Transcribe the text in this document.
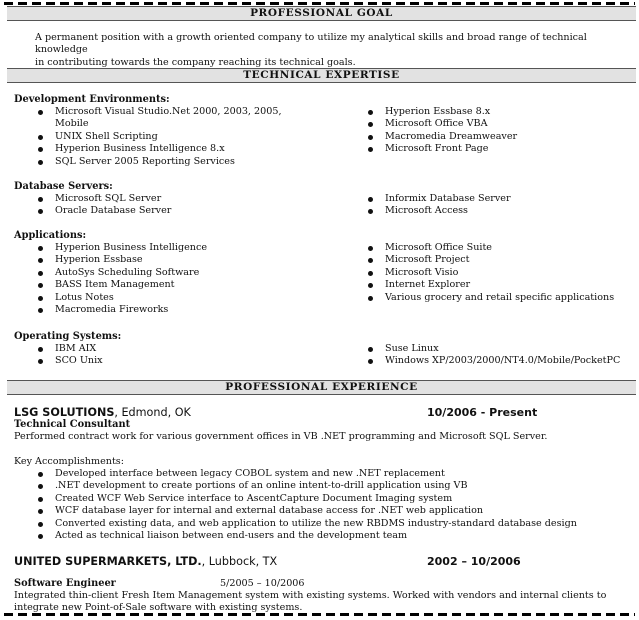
PROFESSIONAL GOAL
A permanent position with a growth oriented company to utilize my analytical skills and broad range of technical knowledge
in contributing towards the company reaching its technical goals.
TECHNICAL EXPERTISE
Development Environments:
Microsoft Visual Studio.Net 2000, 2003, 2005,
Mobile
UNIX Shell Scripting
Hyperion Business Intelligence 8.x
SQL Server 2005 Reporting Services
Hyperion Essbase 8.x
Microsoft Office VBA
Macromedia Dreamweaver
Microsoft Front Page
Database Servers:
Microsoft SQL Server
Oracle Database Server
Informix Database Server
Microsoft Access
Applications:
Hyperion Business Intelligence
Hyperion Essbase
AutoSys Scheduling Software
BASS Item Management
Lotus Notes
Macromedia Fireworks
Microsoft Office Suite
Microsoft Project
Microsoft Visio
Internet Explorer
Various grocery and retail specific applications
Operating Systems:
IBM AIX
SCO Unix
Suse Linux
Windows XP/2003/2000/NT4.0/Mobile/PocketPC
PROFESSIONAL EXPERIENCE
LSG SOLUTIONS, Edmond, OK	10/2006 - Present
Technical Consultant
Performed contract work for various government offices in VB .NET programming and Microsoft SQL Server.
Key Accomplishments:
Developed interface between legacy COBOL system and new .NET replacement
.NET development to create portions of an online intent-to-drill application using VB
Created WCF Web Service interface to AscentCapture Document Imaging system
WCF database layer for internal and external database access for .NET web application
Converted existing data, and web application to utilize the new RBDMS industry-standard database design
Acted as technical liaison between end-users and the development team
UNITED SUPERMARKETS, LTD., Lubbock, TX	2002 – 10/2006
Software Engineer	5/2005 – 10/2006
Integrated thin-client Fresh Item Management system with existing systems. Worked with vendors and internal clients to
integrate new Point-of-Sale software with existing systems.
